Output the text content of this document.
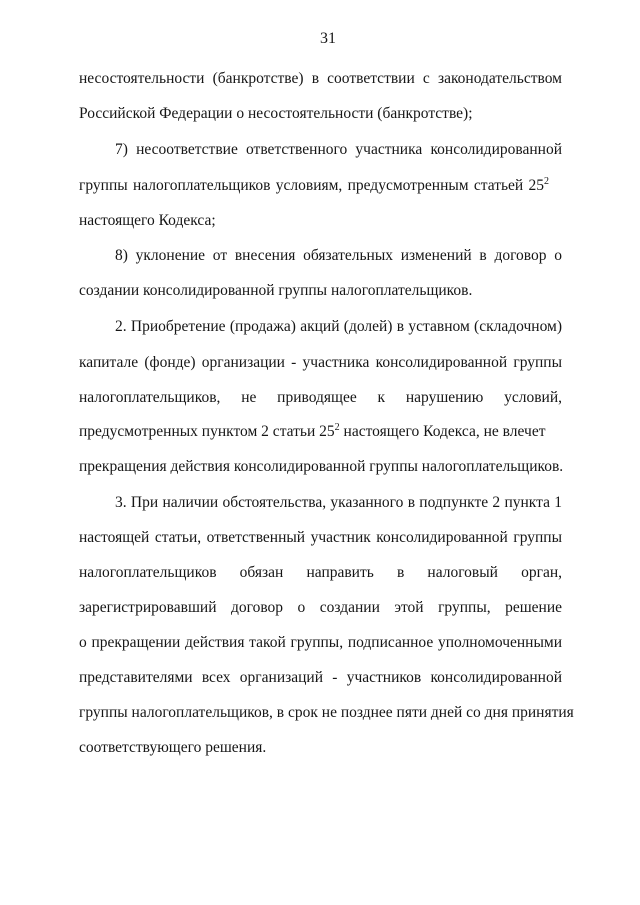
31
несостоятельности (банкротстве) в соответствии с законодательством
Российской Федерации о несостоятельности (банкротстве);
7) несоответствие ответственного участника консолидированной
группы налогоплательщиков условиям, предусмотренным статьей $25^2$
настоящего Кодекса;
8) уклонение от внесения обязательных изменений в договор о
создании консолидированной группы налогоплательщиков.
2. Приобретение (продажа) акций (долей) в уставном (складочном)
капитале (фонде) организации - участника консолидированной группы
налогоплательщиков, не приводящее к нарушению условий,
предусмотренных пунктом 2 статьи $25^2$ настоящего Кодекса, не влечет
прекращения действия консолидированной группы налогоплательщиков.
3. При наличии обстоятельства, указанного в подпункте 2 пункта 1
настоящей статьи, ответственный участник консолидированной группы
налогоплательщиков обязан направить в налоговый орган,
зарегистрировавший договор о создании этой группы, решение
о прекращении действия такой группы, подписанное уполномоченными
представителями всех организаций - участников консолидированной
группы налогоплательщиков, в срок не позднее пяти дней со дня принятия
соответствующего решения.
